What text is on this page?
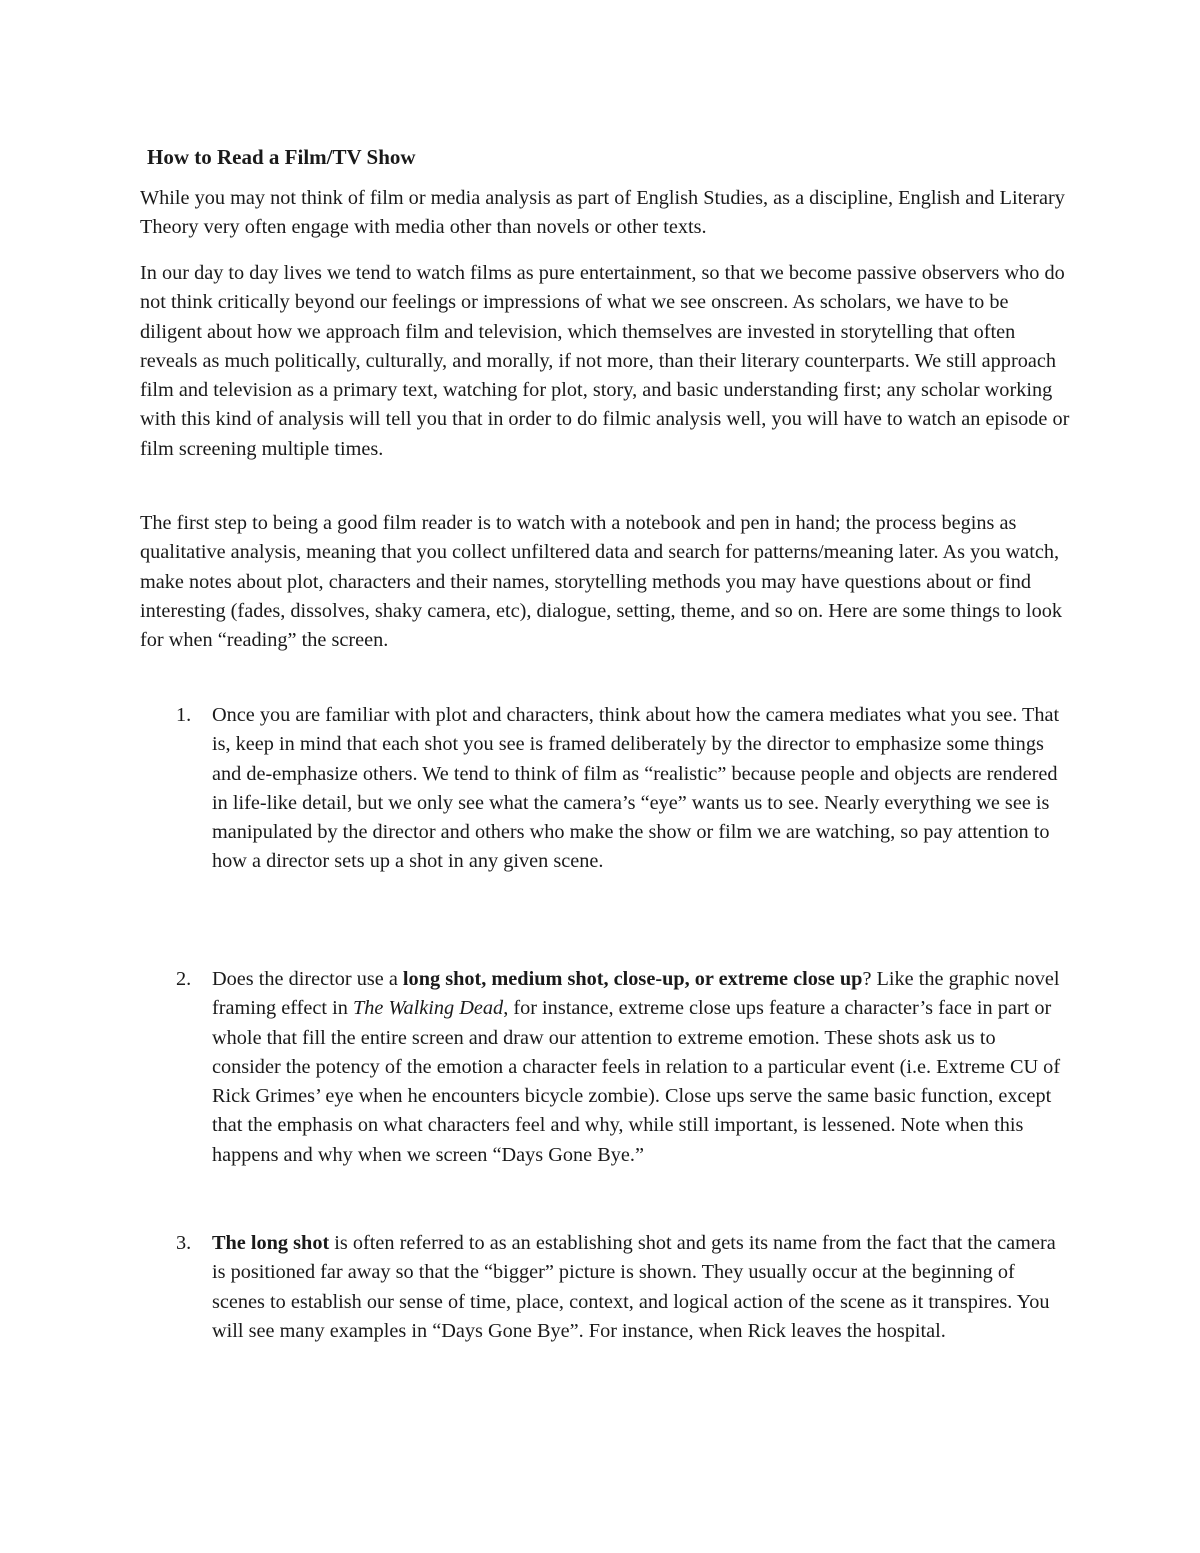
How to Read a Film/TV Show

While you may not think of film or media analysis as part of English Studies, as a discipline, English and Literary Theory very often engage with media other than novels or other texts.

In our day to day lives we tend to watch films as pure entertainment, so that we become passive observers who do not think critically beyond our feelings or impressions of what we see onscreen. As scholars, we have to be diligent about how we approach film and television, which themselves are invested in storytelling that often reveals as much politically, culturally, and morally, if not more, than their literary counterparts. We still approach film and television as a primary text, watching for plot, story, and basic understanding first; any scholar working with this kind of analysis will tell you that in order to do filmic analysis well, you will have to watch an episode or film screening multiple times.

The first step to being a good film reader is to watch with a notebook and pen in hand; the process begins as qualitative analysis, meaning that you collect unfiltered data and search for patterns/meaning later. As you watch, make notes about plot, characters and their names, storytelling methods you may have questions about or find interesting (fades, dissolves, shaky camera, etc), dialogue, setting, theme, and so on. Here are some things to look for when “reading” the screen.

1. Once you are familiar with plot and characters, think about how the camera mediates what you see. That is, keep in mind that each shot you see is framed deliberately by the director to emphasize some things and de-emphasize others. We tend to think of film as “realistic” because people and objects are rendered in life-like detail, but we only see what the camera’s “eye” wants us to see. Nearly everything we see is manipulated by the director and others who make the show or film we are watching, so pay attention to how a director sets up a shot in any given scene.

2. Does the director use a long shot, medium shot, close-up, or extreme close up? Like the graphic novel framing effect in The Walking Dead, for instance, extreme close ups feature a character’s face in part or whole that fill the entire screen and draw our attention to extreme emotion. These shots ask us to consider the potency of the emotion a character feels in relation to a particular event (i.e. Extreme CU of Rick Grimes’ eye when he encounters bicycle zombie). Close ups serve the same basic function, except that the emphasis on what characters feel and why, while still important, is lessened. Note when this happens and why when we screen “Days Gone Bye.”

3. The long shot is often referred to as an establishing shot and gets its name from the fact that the camera is positioned far away so that the “bigger” picture is shown. They usually occur at the beginning of scenes to establish our sense of time, place, context, and logical action of the scene as it transpires. You will see many examples in “Days Gone Bye”. For instance, when Rick leaves the hospital.
